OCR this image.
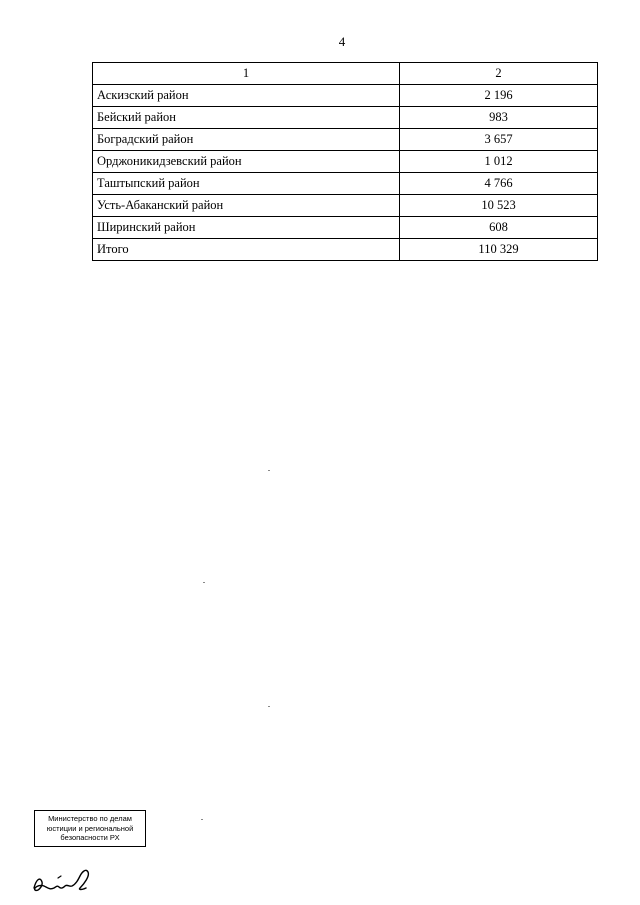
4
1	2
Аскизский район	2 196
Бейский район	983
Боградский район	3 657
Орджоникидзевский район	1 012
Таштыпский район	4 766
Усть-Абаканский район	10 523
Ширинский район	608
Итого	110 329
Министерство по делам
юстиции и региональной
безопасности РХ
